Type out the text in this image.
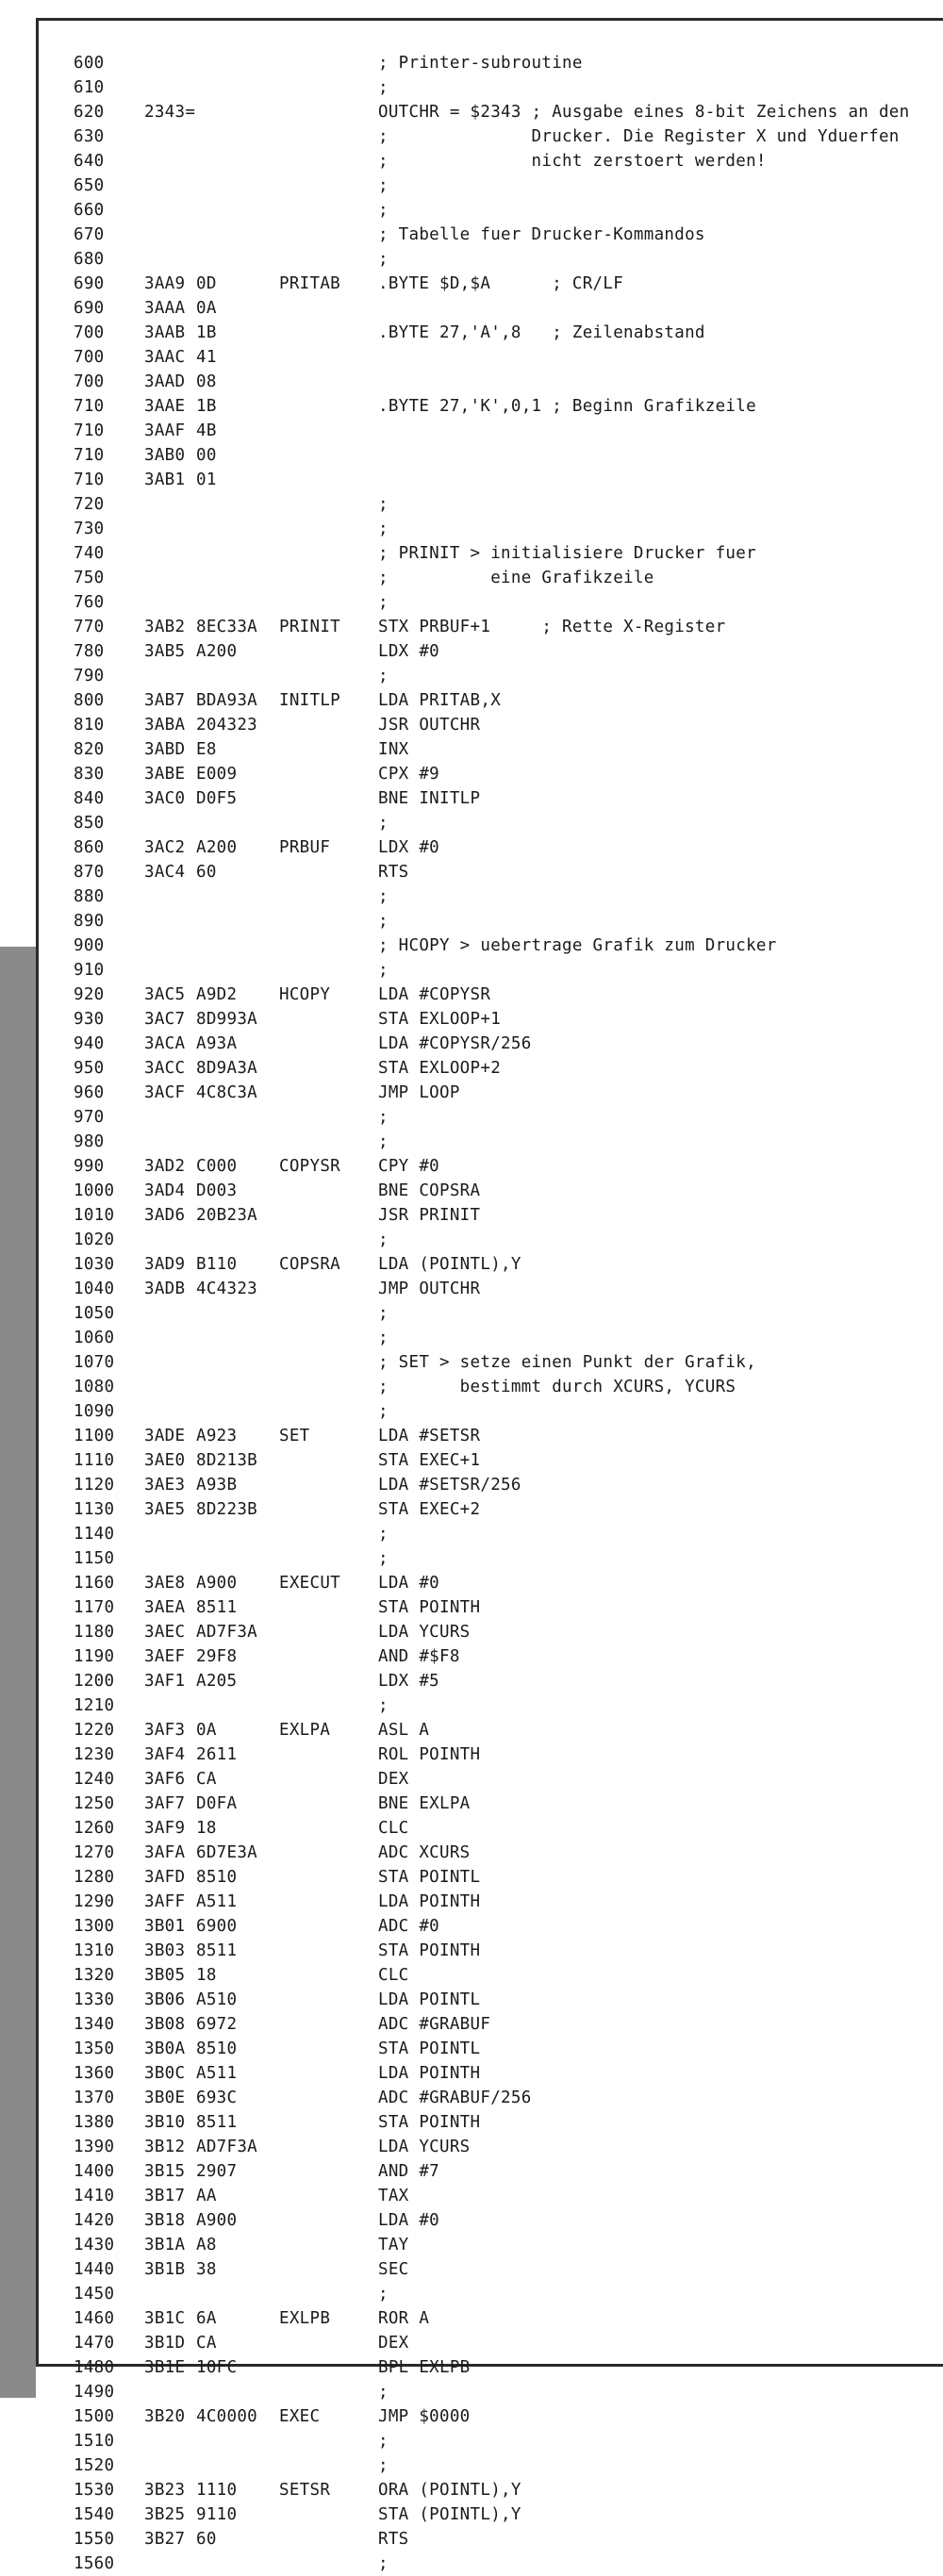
600	; Printer-subroutine
610	;
620	2343=	OUTCHR = $2343 ; Ausgabe eines 8-bit Zeichens an den
630	;              Drucker. Die Register X und Yduerfen
640	;              nicht zerstoert werden!
650	;
660	;
670	; Tabelle fuer Drucker-Kommandos
680	;
690	3AA9 0D	PRITAB .BYTE $D,$A      ; CR/LF
690	3AAA 0A
700	3AAB 1B	.BYTE 27,'A',8   ; Zeilenabstand
700	3AAC 41
700	3AAD 08
710	3AAE 1B	.BYTE 27,'K',0,1 ; Beginn Grafikzeile
710	3AAF 4B
710	3AB0 00
710	3AB1 01
720	;
730	;
740	; PRINIT > initialisiere Drucker fuer
750	;          eine Grafikzeile
760	;
770	3AB2 8EC33A PRINIT STX PRBUF+1     ; Rette X-Register
780	3AB5 A200	LDX #0
790	;
800	3AB7 BDA93A INITLP LDA PRITAB,X
810	3ABA 204323	JSR OUTCHR
820	3ABD E8	INX
830	3ABE E009	CPX #9
840	3AC0 D0F5	BNE INITLP
850	;
860	3AC2 A200	PRBUF	LDX #0
870	3AC4 60	RTS
880	;
890	;
900	; HCOPY > uebertrage Grafik zum Drucker
910	;
920	3AC5 A9D2	HCOPY	LDA #COPYSR
930	3AC7 8D993A	STA EXLOOP+1
940	3ACA A93A	LDA #COPYSR/256
950	3ACC 8D9A3A	STA EXLOOP+2
960	3ACF 4C8C3A	JMP LOOP
970	;
980	;
990	3AD2 C000	COPYSR CPY #0
1000	3AD4 D003	BNE COPSRA
1010	3AD6 20B23A	JSR PRINIT
1020	;
1030	3AD9 B110	COPSRA LDA (POINTL),Y
1040	3ADB 4C4323	JMP OUTCHR
1050	;
1060	;
1070	; SET > setze einen Punkt der Grafik,
1080	;       bestimmt durch XCURS, YCURS
1090	;
1100	3ADE A923	SET	LDA #SETSR
1110	3AE0 8D213B	STA EXEC+1
1120	3AE3 A93B	LDA #SETSR/256
1130	3AE5 8D223B	STA EXEC+2
1140	;
1150	;
1160	3AE8 A900	EXECUT LDA #0
1170	3AEA 8511	STA POINTH
1180	3AEC AD7F3A	LDA YCURS
1190	3AEF 29F8	AND #$F8
1200	3AF1 A205	LDX #5
1210	;
1220	3AF3 0A	EXLPA	ASL A
1230	3AF4 2611	ROL POINTH
1240	3AF6 CA	DEX
1250	3AF7 D0FA	BNE EXLPA
1260	3AF9 18	CLC
1270	3AFA 6D7E3A	ADC XCURS
1280	3AFD 8510	STA POINTL
1290	3AFF A511	LDA POINTH
1300	3B01 6900	ADC #0
1310	3B03 8511	STA POINTH
1320	3B05 18	CLC
1330	3B06 A510	LDA POINTL
1340	3B08 6972	ADC #GRABUF
1350	3B0A 8510	STA POINTL
1360	3B0C A511	LDA POINTH
1370	3B0E 693C	ADC #GRABUF/256
1380	3B10 8511	STA POINTH
1390	3B12 AD7F3A	LDA YCURS
1400	3B15 2907	AND #7
1410	3B17 AA	TAX
1420	3B18 A900	LDA #0
1430	3B1A A8	TAY
1440	3B1B 38	SEC
1450	;
1460	3B1C 6A	EXLPB	ROR A
1470	3B1D CA	DEX
1480	3B1E 10FC	BPL EXLPB
1490	;
1500	3B20 4C0000 EXEC	JMP $0000
1510	;
1520	;
1530	3B23 1110	SETSR	ORA (POINTL),Y
1540	3B25 9110	STA (POINTL),Y
1550	3B27 60	RTS
1560	;
